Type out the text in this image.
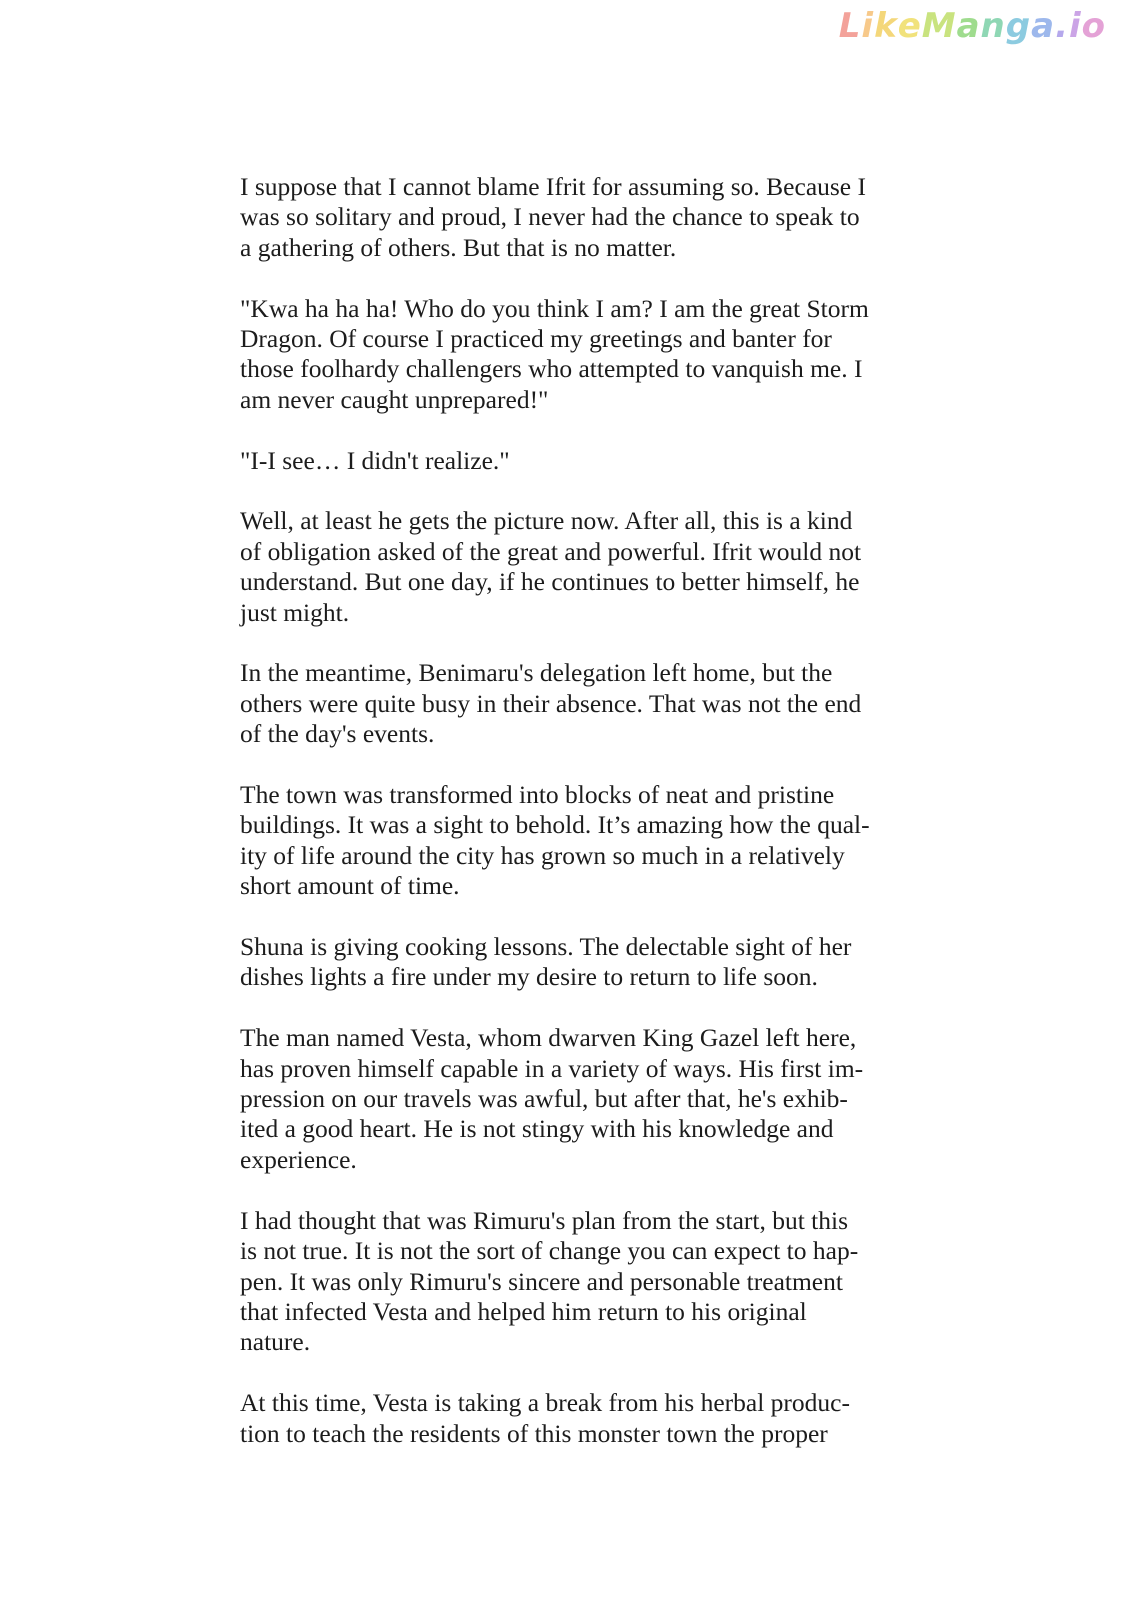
LikeManga.io
I suppose that I cannot blame Ifrit for assuming so. Because I
was so solitary and proud, I never had the chance to speak to
a gathering of others. But that is no matter.
"Kwa ha ha ha! Who do you think I am? I am the great Storm
Dragon. Of course I practiced my greetings and banter for
those foolhardy challengers who attempted to vanquish me. I
am never caught unprepared!"
"I-I see… I didn't realize."
Well, at least he gets the picture now. After all, this is a kind
of obligation asked of the great and powerful. Ifrit would not
understand. But one day, if he continues to better himself, he
just might.
In the meantime, Benimaru's delegation left home, but the
others were quite busy in their absence. That was not the end
of the day's events.
The town was transformed into blocks of neat and pristine
buildings. It was a sight to behold. It’s amazing how the qual-
ity of life around the city has grown so much in a relatively
short amount of time.
Shuna is giving cooking lessons. The delectable sight of her
dishes lights a fire under my desire to return to life soon.
The man named Vesta, whom dwarven King Gazel left here,
has proven himself capable in a variety of ways. His first im-
pression on our travels was awful, but after that, he's exhib-
ited a good heart. He is not stingy with his knowledge and
experience.
I had thought that was Rimuru's plan from the start, but this
is not true. It is not the sort of change you can expect to hap-
pen. It was only Rimuru's sincere and personable treatment
that infected Vesta and helped him return to his original
nature.
At this time, Vesta is taking a break from his herbal produc-
tion to teach the residents of this monster town the proper
